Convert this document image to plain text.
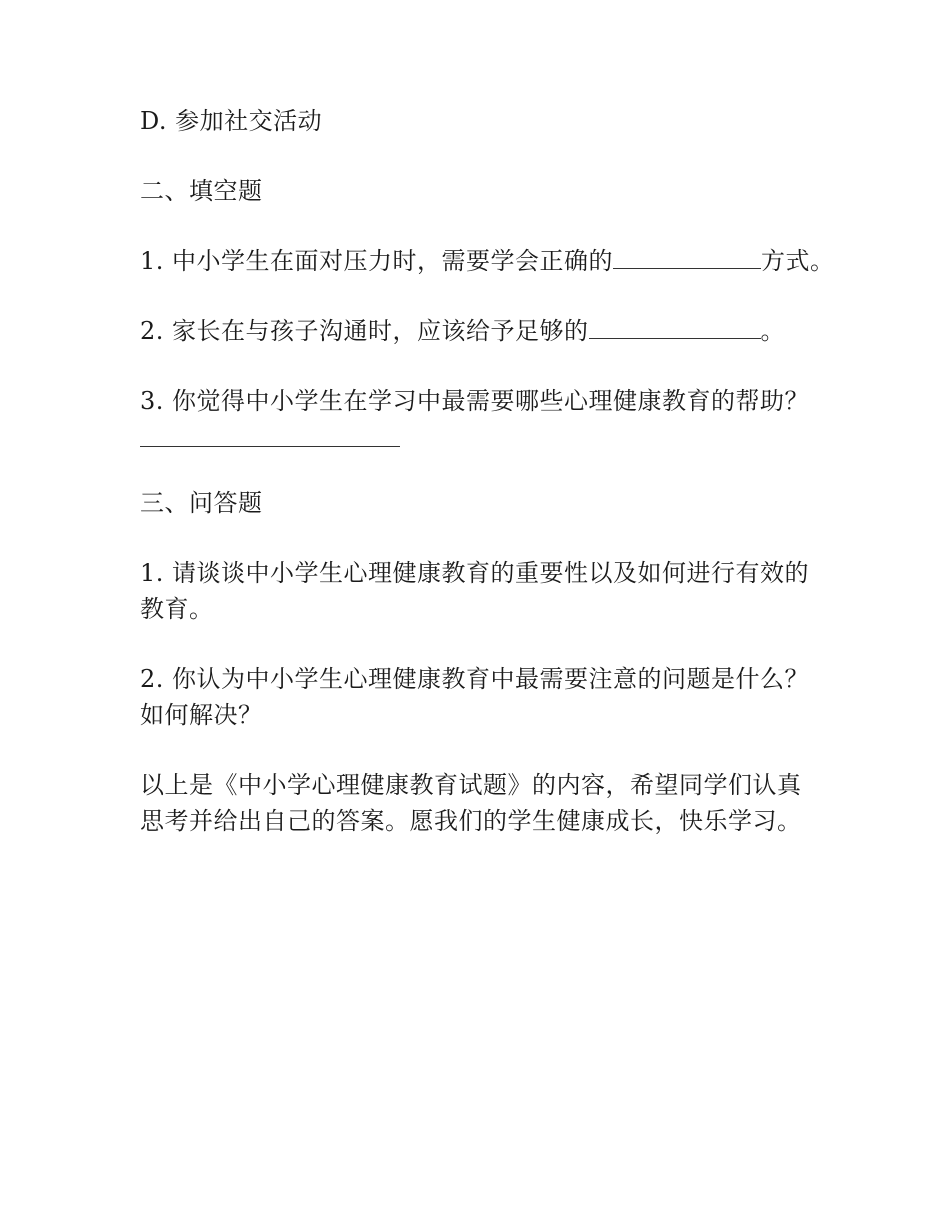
D. 参加社交活动
二、填空题
1. 中小学生在面对压力时，需要学会正确的	方式。
2. 家长在与孩子沟通时，应该给予足够的	。
3. 你觉得中小学生在学习中最需要哪些心理健康教育的帮助？
三、问答题
1. 请谈谈中小学生心理健康教育的重要性以及如何进行有效的
教育。
2. 你认为中小学生心理健康教育中最需要注意的问题是什么？
如何解决？
以上是《中小学心理健康教育试题》的内容，希望同学们认真
思考并给出自己的答案。愿我们的学生健康成长，快乐学习。
